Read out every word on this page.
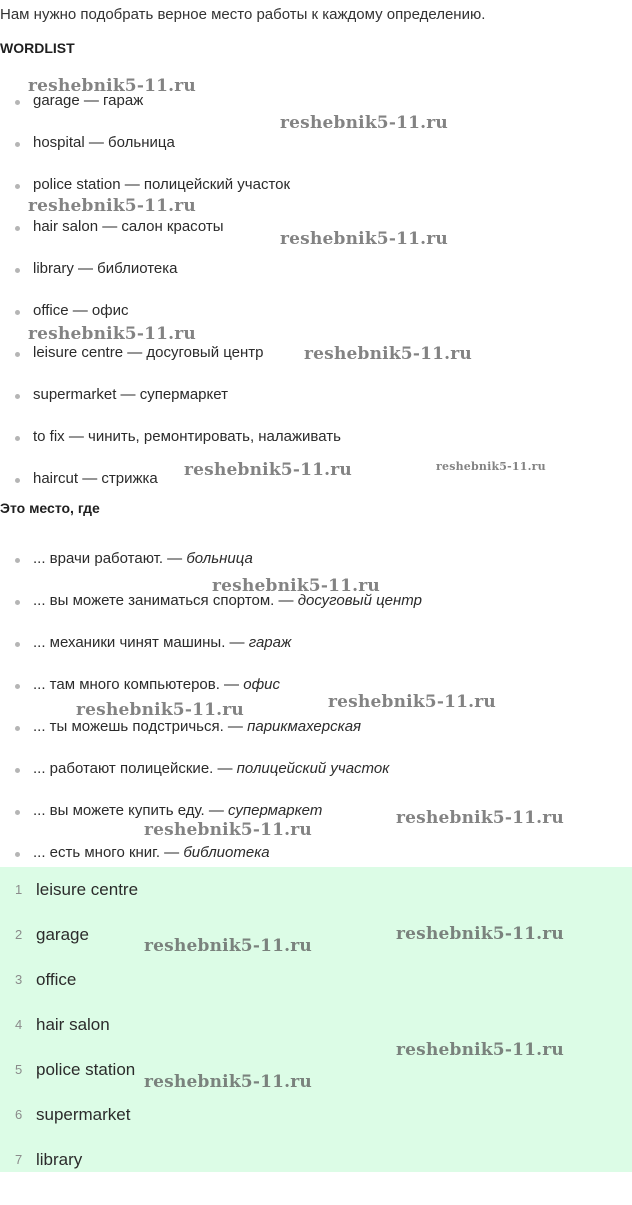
Нам нужно подобрать верное место работы к каждому определению.
WORDLIST
garage — гараж
hospital — больница
police station — полицейский участок
hair salon — салон красоты
library — библиотека
office — офис
leisure centre — досуговый центр
supermarket — супермаркет
to fix — чинить, ремонтировать, налаживать
haircut — стрижка
Это место, где
... врачи работают. — больница
... вы можете заниматься спортом. — досуговый центр
... механики чинят машины. — гараж
... там много компьютеров. — офис
... ты можешь подстричься. — парикмахерская
... работают полицейские. — полицейский участок
... вы можете купить еду. — супермаркет
... есть много книг. — библиотека
1 leisure centre
2 garage
3 office
4 hair salon
5 police station
6 supermarket
7 library
reshebnik5-11.ru
reshebnik5-11.ru
reshebnik5-11.ru
reshebnik5-11.ru
reshebnik5-11.ru
reshebnik5-11.ru
reshebnik5-11.ru	reshebnik5-11.ru
reshebnik5-11.ru
reshebnik5-11.ru
reshebnik5-11.ru
reshebnik5-11.ru
reshebnik5-11.ru
reshebnik5-11.ru
reshebnik5-11.ru
reshebnik5-11.ru
reshebnik5-11.ru
